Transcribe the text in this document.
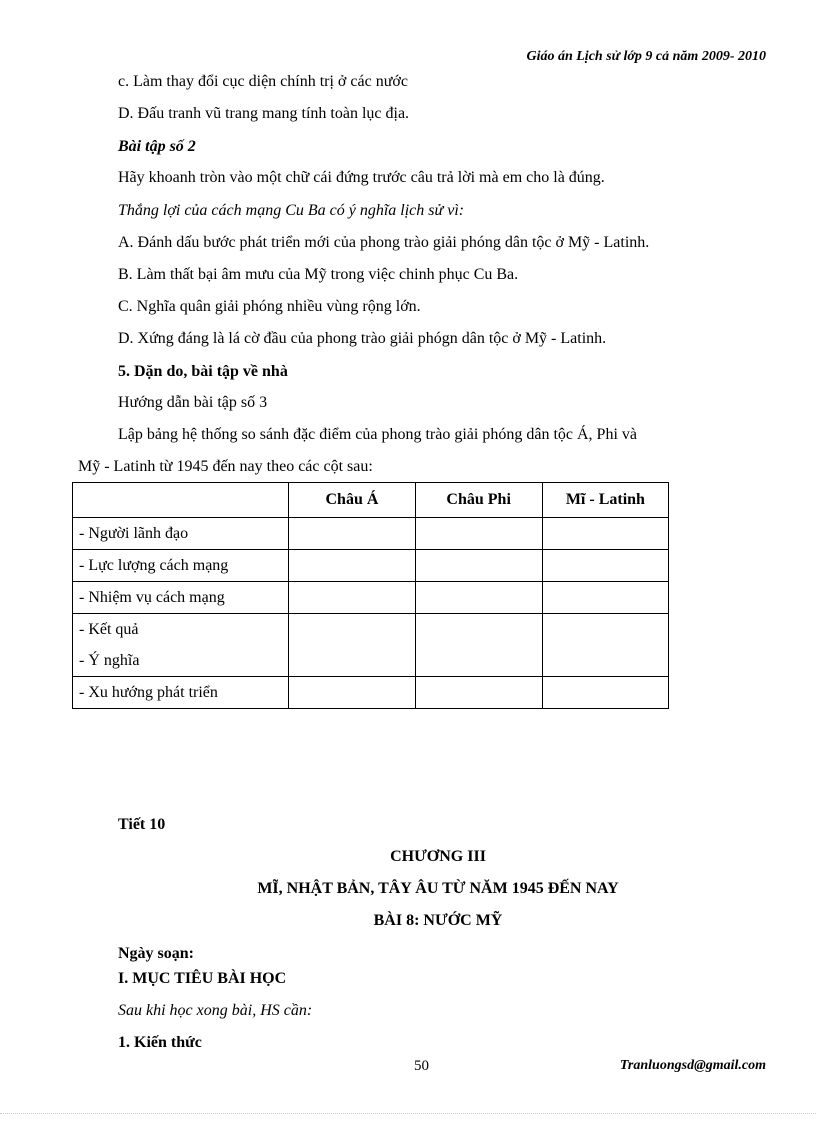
Giáo án Lịch sử lớp 9 cả năm 2009- 2010
c. Làm thay đổi cục diện chính trị ở các nước
D. Đấu tranh vũ trang mang tính toàn lục địa.
Bài tập số 2
Hãy khoanh tròn vào một chữ cái đứng trước câu trả lời mà em cho là đúng.
Thắng lợi của cách mạng Cu Ba có ý nghĩa lịch sử vì:
A. Đánh dấu bước phát triển mới của phong trào giải phóng dân tộc ở Mỹ - Latinh.
B. Làm thất bại âm mưu của Mỹ trong việc chinh phục Cu Ba.
C. Nghĩa quân giải phóng nhiều vùng rộng lớn.
D. Xứng đáng là lá cờ đầu của phong trào giải phógn dân tộc ở Mỹ - Latinh.
5. Dặn do, bài tập về nhà
Hướng dẫn bài tập số 3
Lập bảng hệ thống so sánh đặc điểm của phong trào giải phóng dân tộc Á, Phi và
Mỹ - Latinh từ 1945 đến nay theo các cột sau:
	Châu Á	Châu Phi	Mĩ - Latinh
- Người lãnh đạo			
- Lực lượng cách mạng			
- Nhiệm vụ cách mạng			

- Kết quả
- Ý nghĩa			

- Xu hướng phát triển			
Tiết 10
CHƯƠNG III
MĨ, NHẬT BẢN, TÂY ÂU TỪ NĂM 1945 ĐẾN NAY
BÀI 8: NƯỚC MỸ
Ngày soạn:
I. MỤC TIÊU BÀI HỌC
Sau khi học xong bài, HS cần:
1. Kiến thức
50	Tranluongsd@gmail.com
